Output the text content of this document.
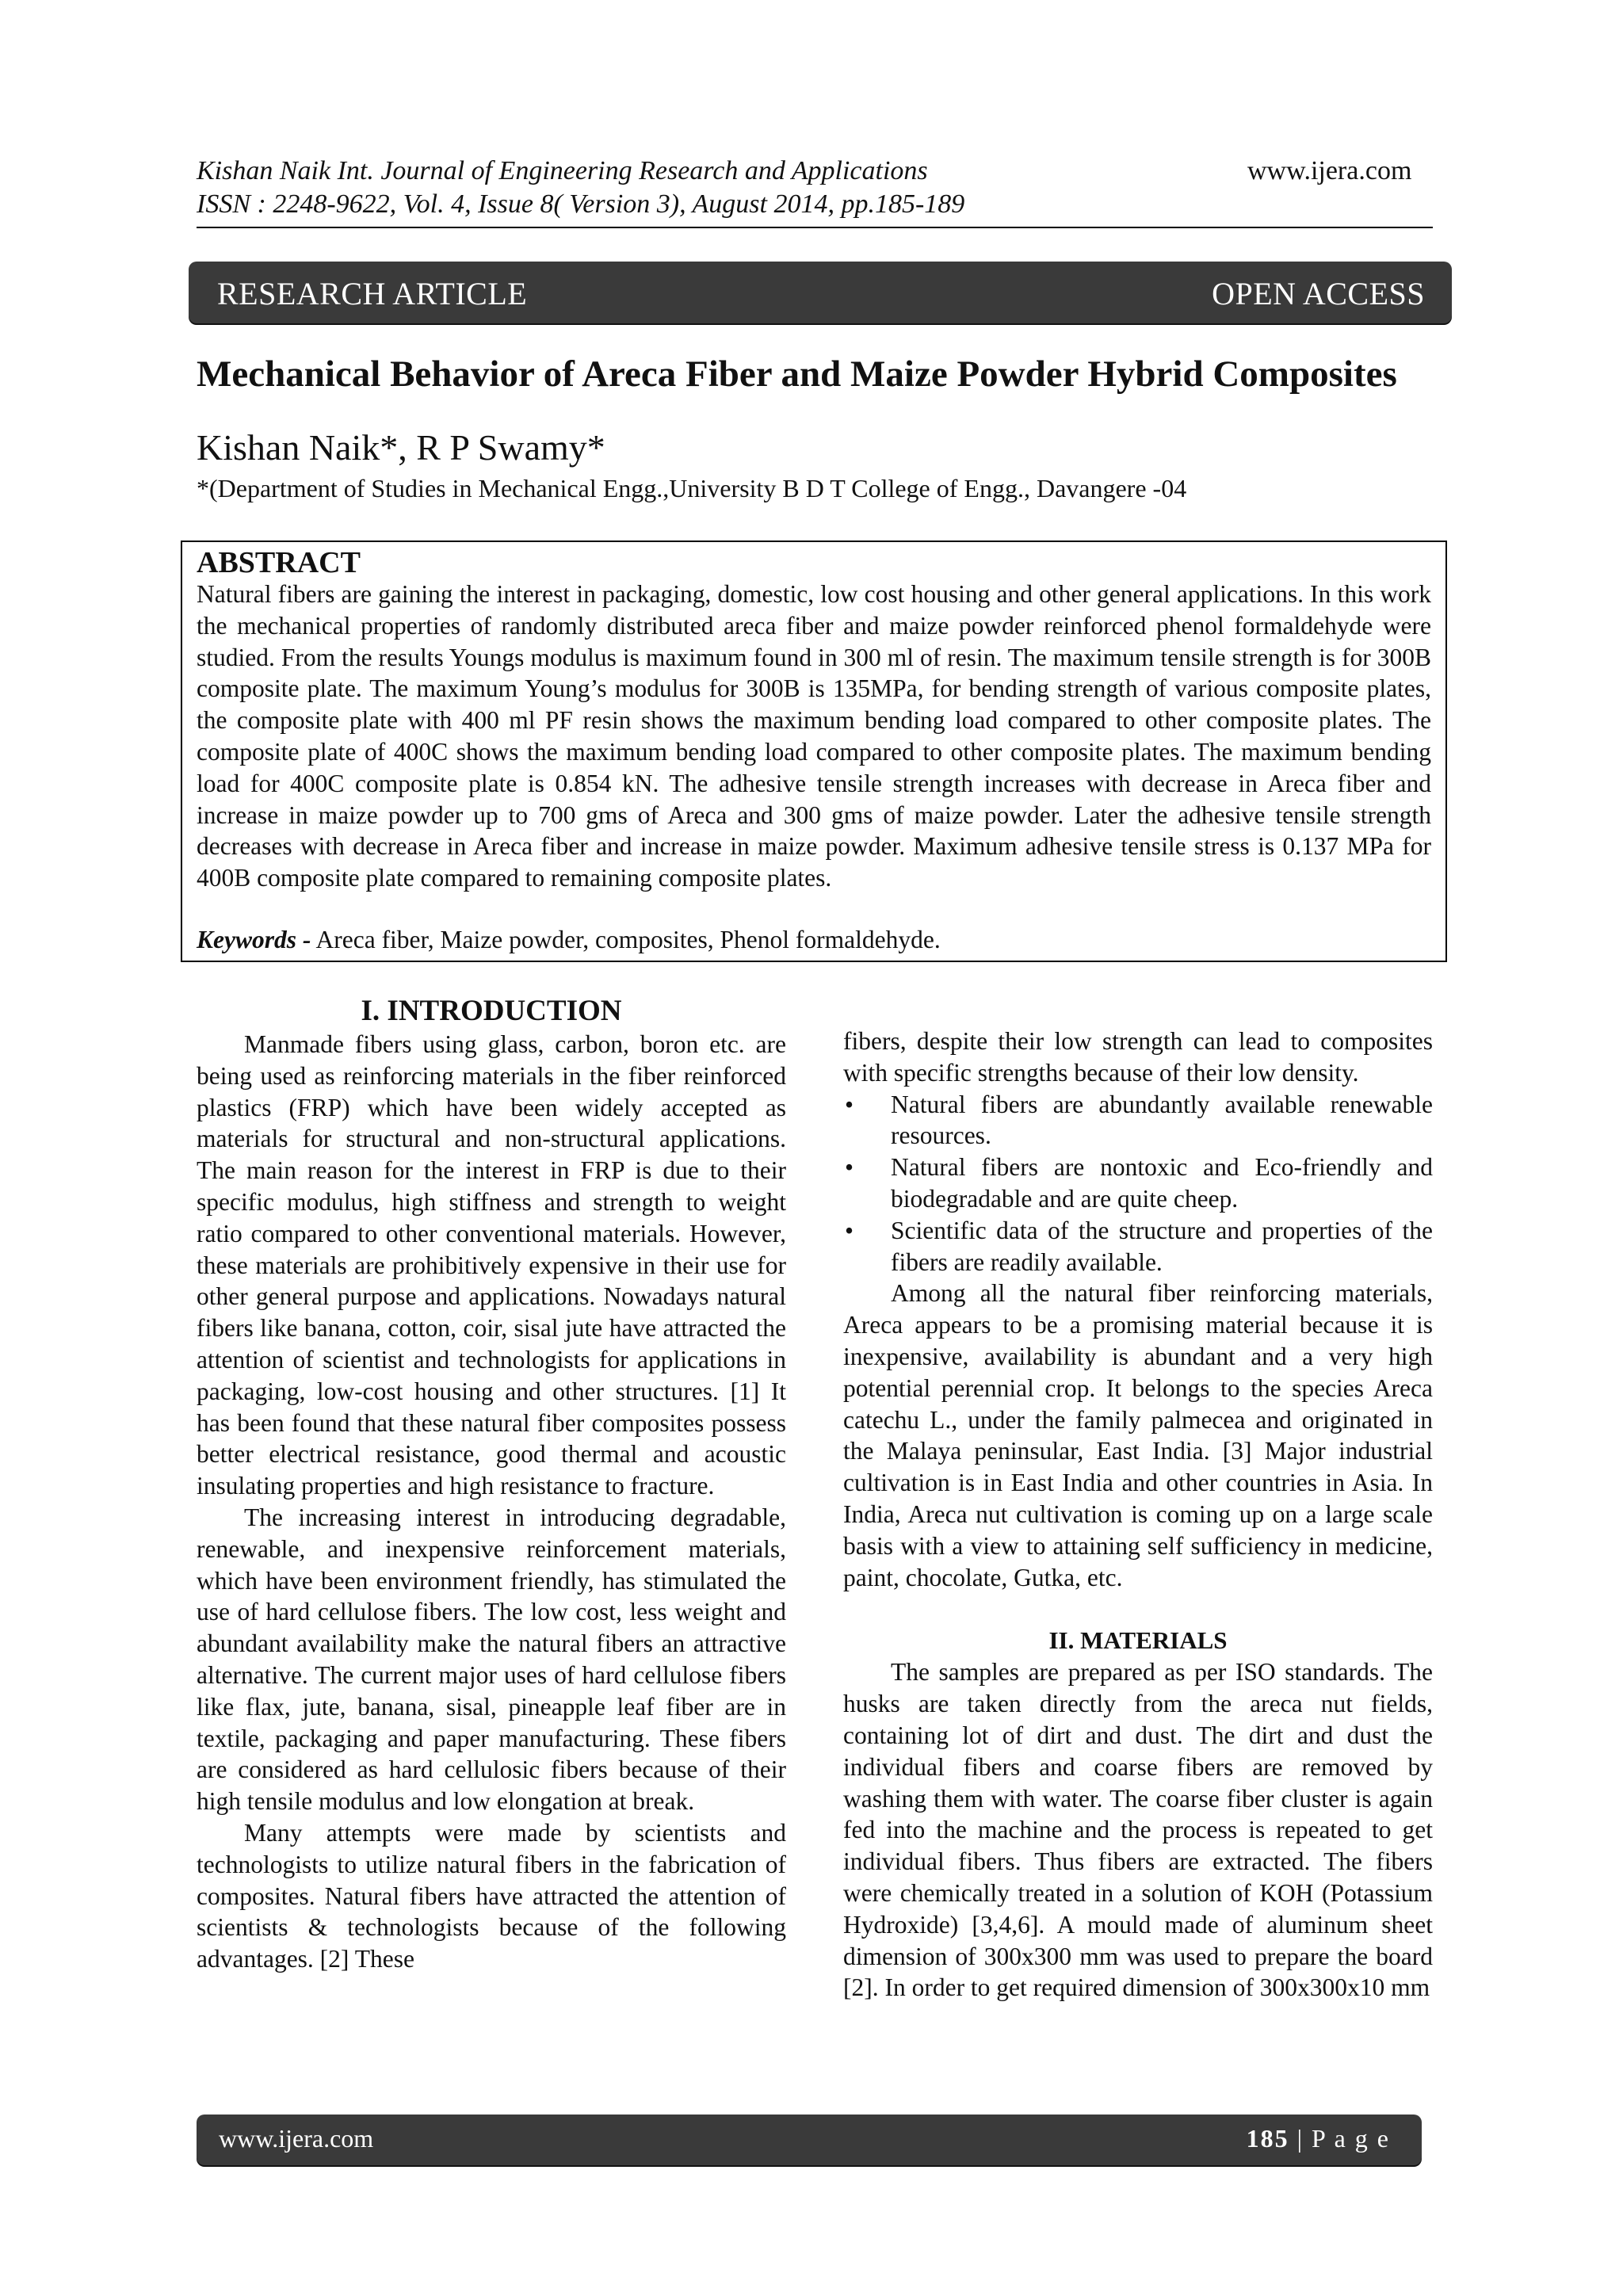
Kishan Naik Int. Journal of Engineering Research and Applications	www.ijera.com
ISSN : 2248-9622, Vol. 4, Issue 8( Version 3), August 2014, pp.185-189
RESEARCH ARTICLE	OPEN ACCESS
Mechanical Behavior of Areca Fiber and Maize Powder Hybrid Composites
Kishan Naik*, R P Swamy*
*(Department of Studies in Mechanical Engg.,University B D T College of Engg., Davangere -04
ABSTRACT

Natural fibers are gaining the interest in packaging, domestic, low cost housing and other general applications. In this work the mechanical properties of randomly distributed areca fiber and maize powder reinforced phenol formaldehyde were studied. From the results Youngs modulus is maximum found in 300 ml of resin. The maximum tensile strength is for 300B composite plate. The maximum Young’s modulus for 300B is 135MPa, for bending strength of various composite plates, the composite plate with 400 ml PF resin shows the maximum bending load compared to other composite plates. The composite plate of 400C shows the maximum bending load compared to other composite plates. The maximum bending load for 400C composite plate is 0.854 kN. The adhesive tensile strength increases with decrease in Areca fiber and increase in maize powder up to 700 gms of Areca and 300 gms of maize powder. Later the adhesive tensile strength decreases with decrease in Areca fiber and increase in maize powder. Maximum adhesive tensile stress is 0.137 MPa for 400B composite plate compared to remaining composite plates.

Keywords - Areca fiber, Maize powder, composites, Phenol formaldehyde.
I. INTRODUCTION

Manmade fibers using glass, carbon, boron etc. are being used as reinforcing materials in the fiber reinforced plastics (FRP) which have been widely accepted as materials for structural and non-structural applications. The main reason for the interest in FRP is due to their specific modulus, high stiffness and strength to weight ratio compared to other conventional materials. However, these materials are prohibitively expensive in their use for other general purpose and applications. Nowadays natural fibers like banana, cotton, coir, sisal jute have attracted the attention of scientist and technologists for applications in packaging, low-cost housing and other structures. [1] It has been found that these natural fiber composites possess better electrical resistance, good thermal and acoustic insulating properties and high resistance to fracture.

The increasing interest in introducing degradable, renewable, and inexpensive reinforcement materials, which have been environment friendly, has stimulated the use of hard cellulose fibers. The low cost, less weight and abundant availability make the natural fibers an attractive alternative. The current major uses of hard cellulose fibers like flax, jute, banana, sisal, pineapple leaf fiber are in textile, packaging and paper manufacturing. These fibers are considered as hard cellulosic fibers because of their high tensile modulus and low elongation at break.

Many attempts were made by scientists and technologists to utilize natural fibers in the fabrication of composites. Natural fibers have attracted the attention of scientists & technologists because of the following advantages. [2] These

fibers, despite their low strength can lead to composites with specific strengths because of their low density.

• Natural fibers are abundantly available renewable resources.
• Natural fibers are nontoxic and Eco-friendly and biodegradable and are quite cheep.
• Scientific data of the structure and properties of the fibers are readily available.

Among all the natural fiber reinforcing materials, Areca appears to be a promising material because it is inexpensive, availability is abundant and a very high potential perennial crop. It belongs to the species Areca catechu L., under the family palmecea and originated in the Malaya peninsular, East India. [3] Major industrial cultivation is in East India and other countries in Asia. In India, Areca nut cultivation is coming up on a large scale basis with a view to attaining self sufficiency in medicine, paint, chocolate, Gutka, etc.

II. MATERIALS

The samples are prepared as per ISO standards. The husks are taken directly from the areca nut fields, containing lot of dirt and dust. The dirt and dust the individual fibers and coarse fibers are removed by washing them with water. The coarse fiber cluster is again fed into the machine and the process is repeated to get individual fibers. Thus fibers are extracted. The fibers were chemically treated in a solution of KOH (Potassium Hydroxide) [3,4,6]. A mould made of aluminum sheet dimension of 300x300 mm was used to prepare the board [2]. In order to get required dimension of 300x300x10 mm

www.ijera.com	185 | P a g e
